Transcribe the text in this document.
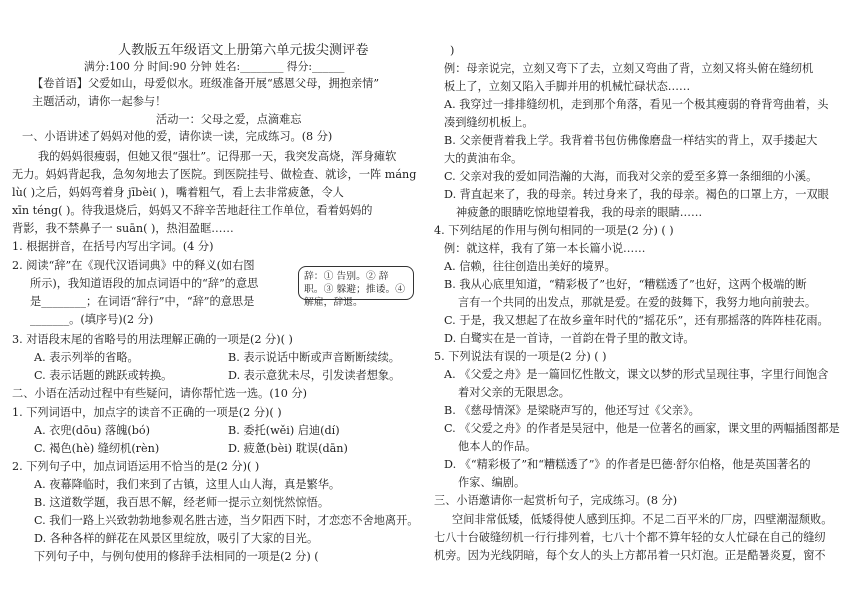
人教版五年级语文上册第六单元拔尖测评卷
满分:100 分 时间:90 分钟 姓名:________ 得分:______
【卷首语】父爱如山，母爱似水。班级准备开展“感恩父母，拥抱亲情”
主题活动，请你一起参与！
活动一：父母之爱，点滴难忘
一、小语讲述了妈妈对他的爱，请你读一读，完成练习。(8 分)
我的妈妈很瘦弱，但她又很“强壮”。记得那一天，我突发高烧，浑身瘫软
无力。妈妈背起我，急匆匆地去了医院。到医院挂号、做检查、就诊，一阵 máng
lù( )之后，妈妈弯着身 jībèi( )，嘴着粗气，看上去非常疲惫，令人
xīn téng( )。待我退烧后，妈妈又不辞辛苦地赶往工作单位，看着妈妈的
背影，我不禁鼻子一 suān( )，热泪盈眶……
1. 根据拼音，在括号内写出字词。(4 分)
2. 阅读“辞”在《现代汉语词典》中的释义(如右图
所示)，我知道语段的加点词语中的“辞”的意思
是________；在词语“辞行”中，“辞”的意思是
_______。(填序号)(2 分)
辞：① 告别。② 辞职。③ 躲避；推诿。④ 解雇，辞退。
3. 对语段末尾的省略号的用法理解正确的一项是(2 分)( )
A. 表示列举的省略。	B. 表示说话中断或声音断断续续。
C. 表示话题的跳跃或转换。	D. 表示意犹未尽，引发读者想象。
二、小语在活动过程中有些疑问，请你帮忙选一选。(10 分)
1. 下列词语中，加点字的读音不正确的一项是(2 分)( )
A. 衣兜(dōu) 落魄(bó)	B. 委托(wěi) 启迪(dí)
C. 褐色(hè) 缝纫机(rèn)	D. 疲惫(bèi) 耽误(dān)
2. 下列句子中，加点词语运用不恰当的是(2 分)( )
A. 夜幕降临时，我们来到了古镇，这里人山人海，真是繁华。
B. 这道数学题，我百思不解，经老师一提示立刻恍然惊悟。
C. 我们一路上兴致勃勃地参观名胜古迹，当夕阳西下时，才恋恋不舍地离开。
D. 各种各样的鲜花在风景区里绽放，吸引了大家的目光。
下列句子中，与例句使用的修辞手法相同的一项是(2 分) (
)
例：母亲说完，立刻又弯下了去，立刻又弯曲了背，立刻又将头俯在缝纫机
板上了，立刻又陷入手脚并用的机械忙碌状态……
A. 我穿过一排排缝纫机，走到那个角落，看见一个极其瘦弱的脊背弯曲着，头
凑到缝纫机板上。
B. 父亲便背着我上学。我背着书包仿佛像磨盘一样结实的背上，双手搂起大
大的黄油布伞。
C. 父亲对我的爱如同浩瀚的大海，而我对父亲的爱至多算一条细细的小溪。
D. 背直起来了，我的母亲。转过身来了，我的母亲。褐色的口罩上方，一双眼
神疲惫的眼睛吃惊地望着我，我的母亲的眼睛……
4. 下列结尾的作用与例句相同的一项是(2 分) ( )
例：就这样，我有了第一本长篇小说……
A. 信赖，往往创造出美好的境界。
B. 我从心底里知道，“精彩极了”也好，“糟糕透了”也好，这两个极端的断
言有一个共同的出发点，那就是爱。在爱的鼓舞下，我努力地向前驶去。
C. 于是，我又想起了在故乡童年时代的“摇花乐”，还有那摇落的阵阵桂花雨。
D. 白鹭实在是一首诗，一首韵在骨子里的散文诗。
5. 下列说法有误的一项是(2 分) ( )
A. 《父爱之舟》是一篇回忆性散文，课文以梦的形式呈现往事，字里行间饱含
着对父亲的无限思念。
B. 《慈母情深》是梁晓声写的，他还写过《父亲》。
C. 《父爱之舟》的作者是吴冠中，他是一位著名的画家，课文里的两幅插图都是
他本人的作品。
D. 《“精彩极了”和“糟糕透了”》的作者是巴德·舒尔伯格，他是英国著名的
作家、编剧。
三、小语邀请你一起赏析句子，完成练习。(8 分)
空间非常低矮，低矮得使人感到压抑。不足二百平米的厂房，四壁潮湿颓败。
七八十台破缝纫机一行行排列着，七八十个都不算年轻的女人忙碌在自己的缝纫
机旁。因为光线阴暗，每个女人的头上方都吊着一只灯泡。正是酷暑炎夏，窗不
